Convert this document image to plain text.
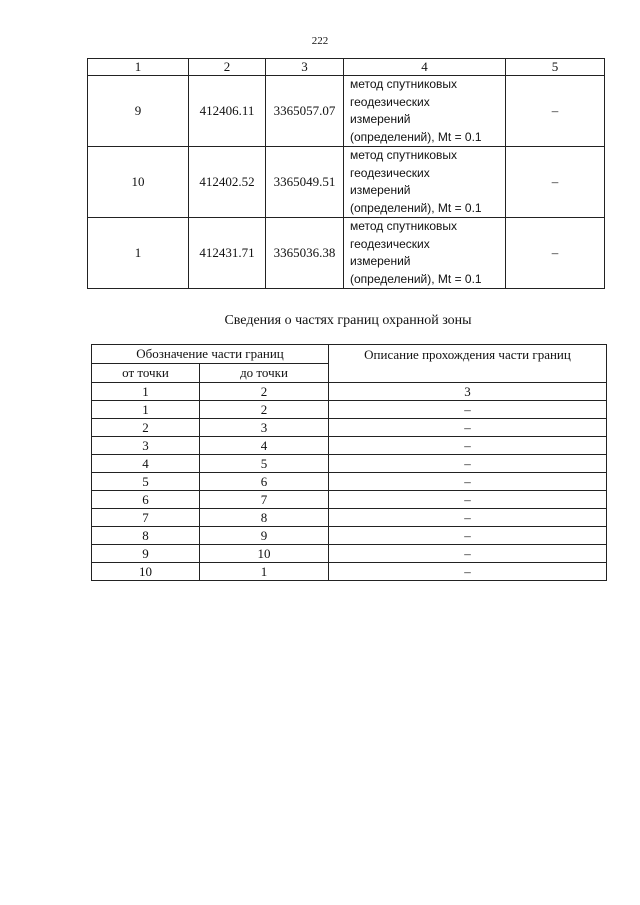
222
1	2	3	4	5
9	412406.11	3365057.07	метод спутниковых
геодезических
измерений
(определений), Mt = 0.1	–
10	412402.52	3365049.51	метод спутниковых
геодезических
измерений
(определений), Mt = 0.1	–
1	412431.71	3365036.38	метод спутниковых
геодезических
измерений
(определений), Mt = 0.1	–
Сведения о частях границ охранной зоны
Обозначение части границ		Описание прохождения части границ
от точки	до точки	
1	2	3
1	2	–
2	3	–
3	4	–
4	5	–
5	6	–
6	7	–
7	8	–
8	9	–
9	10	–
10	1	–
